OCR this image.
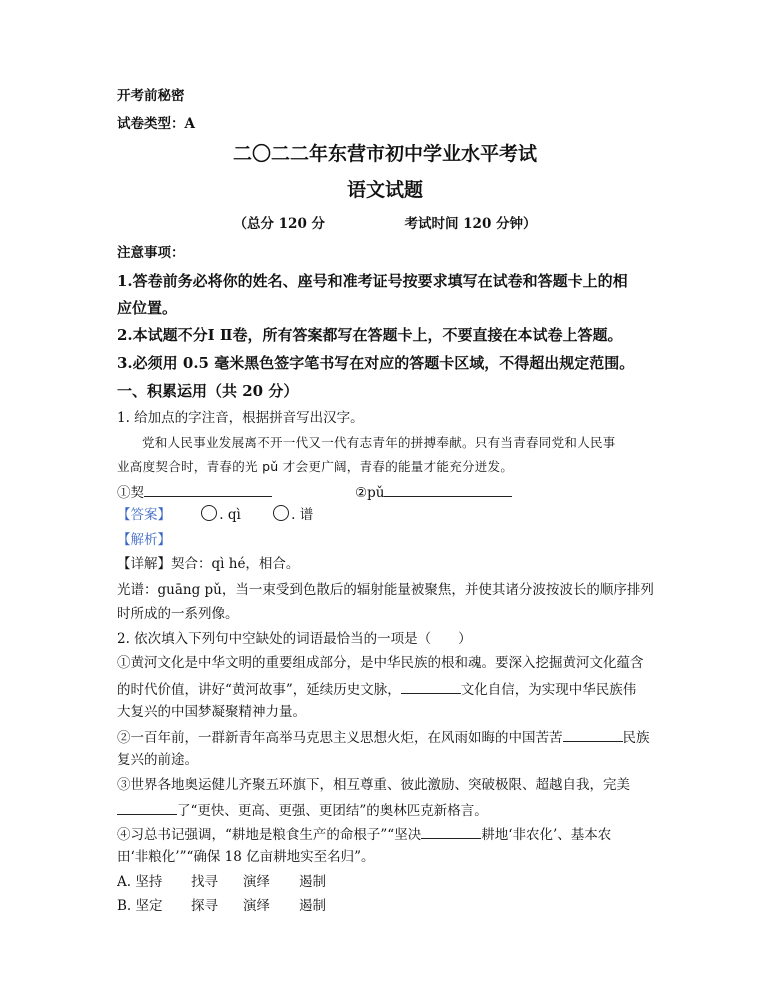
开考前秘密
试卷类型：A
二〇二二年东营市初中学业水平考试
语文试题
（总分 120 分	考试时间 120 分钟）
注意事项：
1.答卷前务必将你的姓名、座号和准考证号按要求填写在试卷和答题卡上的相
应位置。
2.本试题不分Ⅰ Ⅱ卷，所有答案都写在答题卡上，不要直接在本试卷上答题。
3.必须用 0.5 毫米黑色签字笔书写在对应的答题卡区域，不得超出规定范围。
一、积累运用（共 20 分）
1. 给加点的字注音，根据拼音写出汉字。
党和人民事业发展离不开一代又一代有志青年的拼搏奉献。只有当青春同党和人民事
业高度契合时，青春的光 pǔ 才会更广阔，青春的能量才能充分迸发。
①契	②pǔ
【答案】	. qì	. 谱
【解析】
【详解】契合：qì hé，相合。
光谱：guāng pǔ，当一束受到色散后的辐射能量被聚焦，并使其诸分波按波长的顺序排列
时所成的一系列像。
2. 依次填入下列句中空缺处的词语最恰当的一项是（　　）
①黄河文化是中华文明的重要组成部分，是中华民族的根和魂。要深入挖掘黄河文化蕴含
的时代价值，讲好“黄河故事”，延续历史文脉，	文化自信，为实现中华民族伟
大复兴的中国梦凝聚精神力量。
②一百年前，一群新青年高举马克思主义思想火炬，在风雨如晦的中国苦苦	民族
复兴的前途。
③世界各地奥运健儿齐聚五环旗下，相互尊重、彼此激励、突破极限、超越自我，完美
了“更快、更高、更强、更团结”的奥林匹克新格言。
④习总书记强调，“耕地是粮食生产的命根子”“坚决	耕地‘非农化’、基本农
田‘非粮化’”“确保 18 亿亩耕地实至名归”。
A. 坚持 找寻 演绎 遏制
B. 坚定 探寻 演绎 遏制
